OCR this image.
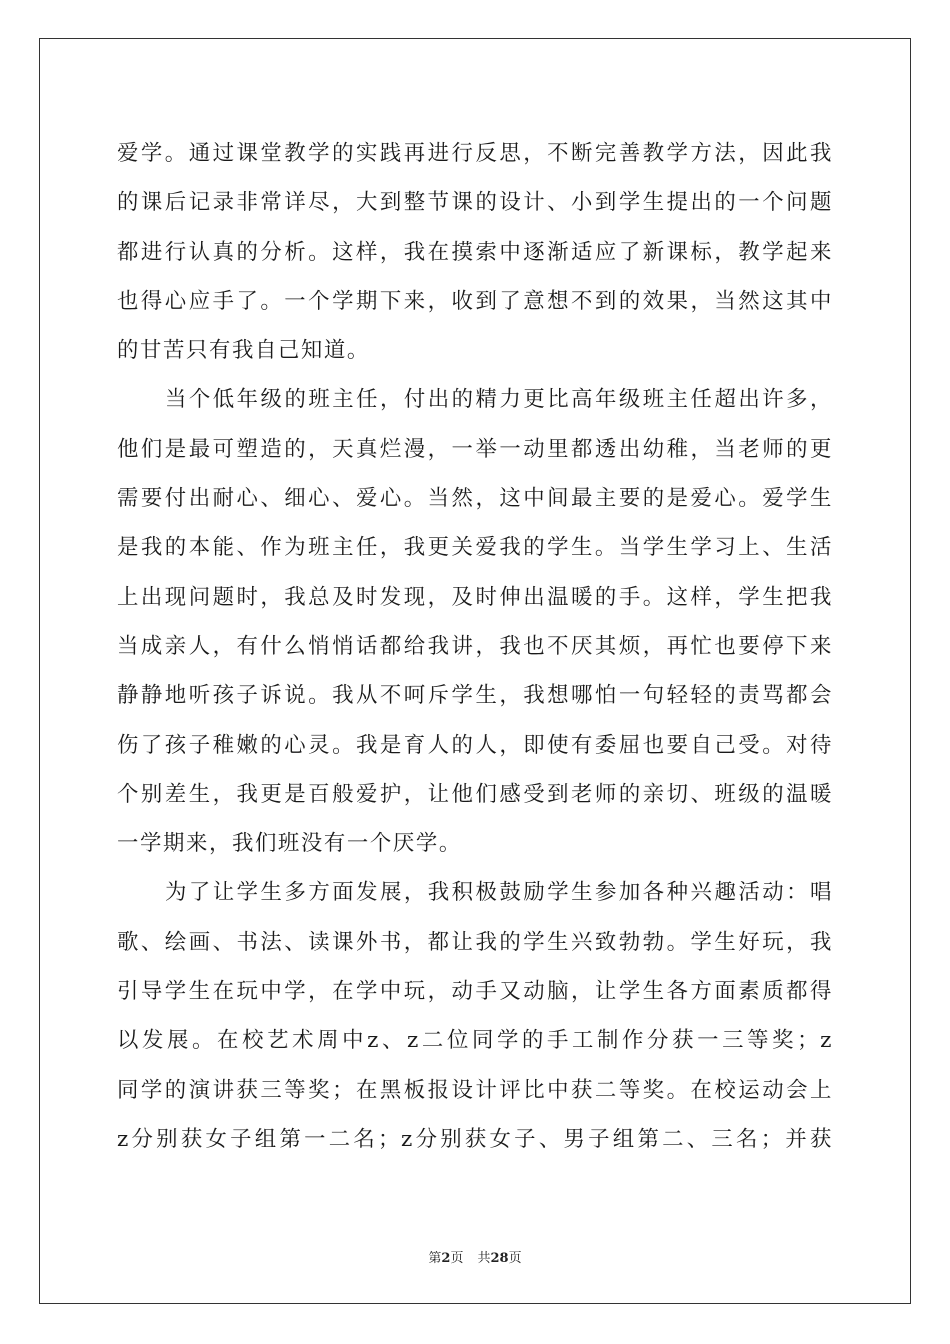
爱学。通过课堂教学的实践再进行反思，不断完善教学方法，因此我
的课后记录非常详尽，大到整节课的设计、小到学生提出的一个问题
都进行认真的分析。这样，我在摸索中逐渐适应了新课标，教学起来
也得心应手了。一个学期下来，收到了意想不到的效果，当然这其中
的甘苦只有我自己知道。
当个低年级的班主任，付出的精力更比高年级班主任超出许多，
他们是最可塑造的，天真烂漫，一举一动里都透出幼稚，当老师的更
需要付出耐心、细心、爱心。当然，这中间最主要的是爱心。爱学生
是我的本能、作为班主任，我更关爱我的学生。当学生学习上、生活
上出现问题时，我总及时发现，及时伸出温暖的手。这样，学生把我
当成亲人，有什么悄悄话都给我讲，我也不厌其烦，再忙也要停下来
静静地听孩子诉说。我从不呵斥学生，我想哪怕一句轻轻的责骂都会
伤了孩子稚嫩的心灵。我是育人的人，即使有委屈也要自己受。对待
个别差生，我更是百般爱护，让他们感受到老师的亲切、班级的温暖
一学期来，我们班没有一个厌学。
为了让学生多方面发展，我积极鼓励学生参加各种兴趣活动：唱
歌、绘画、书法、读课外书，都让我的学生兴致勃勃。学生好玩，我
引导学生在玩中学，在学中玩，动手又动脑，让学生各方面素质都得
以发展。在校艺术周中z、z二位同学的手工制作分获一三等奖；z
同学的演讲获三等奖；在黑板报设计评比中获二等奖。在校运动会上
z分别获女子组第一二名；z分别获女子、男子组第二、三名；并获
第2页 共28页
